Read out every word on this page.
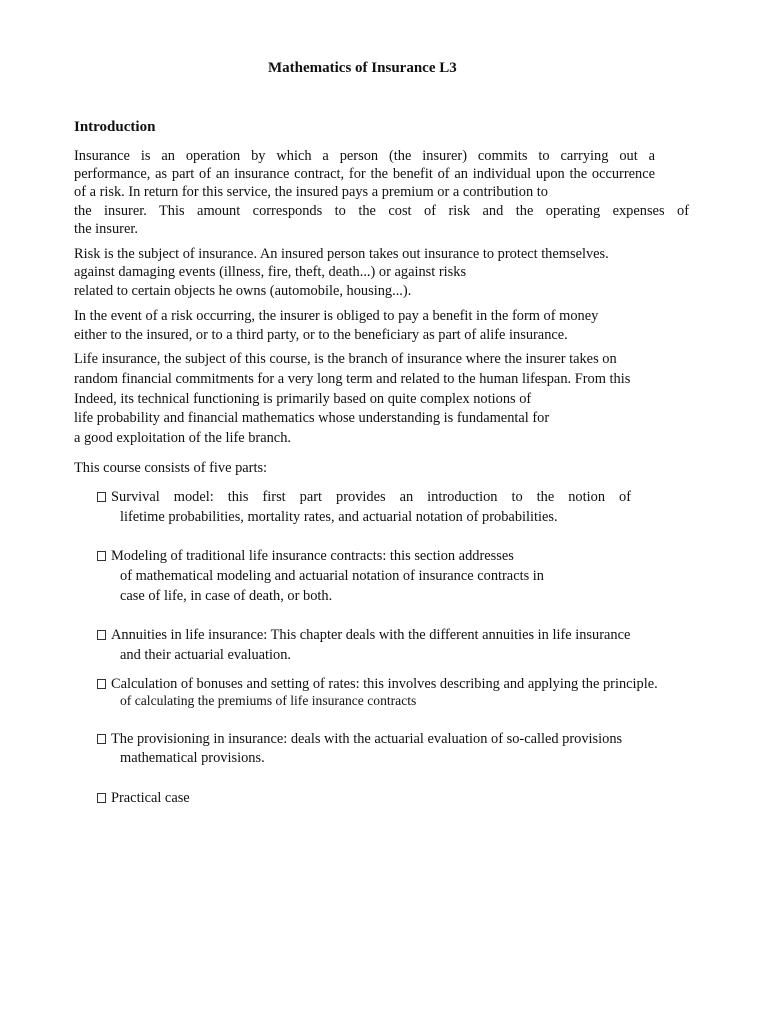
Mathematics of Insurance L3
Introduction
Insurance is an operation by which a person (the insurer) commits to carrying out a
performance, as part of an insurance contract, for the benefit of an individual upon the occurrence
of a risk. In return for this service, the insured pays a premium or a contribution to
the insurer. This amount corresponds to the cost of risk and the operating expenses of
the insurer.
Risk is the subject of insurance. An insured person takes out insurance to protect themselves.
against damaging events (illness, fire, theft, death...) or against risks
related to certain objects he owns (automobile, housing...).
In the event of a risk occurring, the insurer is obliged to pay a benefit in the form of money
either to the insured, or to a third party, or to the beneficiary as part of alife insurance.
Life insurance, the subject of this course, is the branch of insurance where the insurer takes on
random financial commitments for a very long term and related to the human lifespan. From this
Indeed, its technical functioning is primarily based on quite complex notions of
life probability and financial mathematics whose understanding is fundamental for
a good exploitation of the life branch.
This course consists of five parts:
Survival model: this first part provides an introduction to the notion of
lifetime probabilities, mortality rates, and actuarial notation of probabilities.
Modeling of traditional life insurance contracts: this section addresses
of mathematical modeling and actuarial notation of insurance contracts in
case of life, in case of death, or both.
Annuities in life insurance: This chapter deals with the different annuities in life insurance
and their actuarial evaluation.
Calculation of bonuses and setting of rates: this involves describing and applying the principle.
of calculating the premiums of life insurance contracts
The provisioning in insurance: deals with the actuarial evaluation of so-called provisions
mathematical provisions.
Practical case
